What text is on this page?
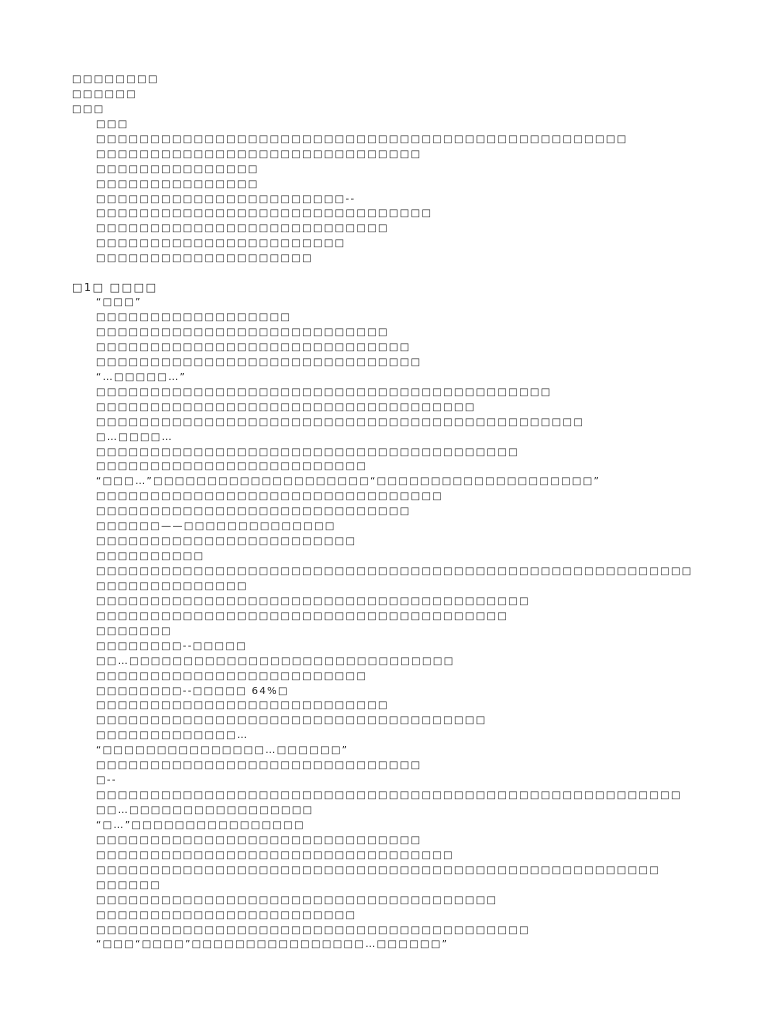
□□□□□□□□
□□□□□□
□□□
□□□
□□□□□□□□□□□□□□□□□□□□□□□□□□□□□□□□□□□□□□□□□□□□□□□□□
□□□□□□□□□□□□□□□□□□□□□□□□□□□□□□
□□□□□□□□□□□□□□□
□□□□□□□□□□□□□□□
□□□□□□□□□□□□□□□□□□□□□□□--
□□□□□□□□□□□□□□□□□□□□□□□□□□□□□□□
□□□□□□□□□□□□□□□□□□□□□□□□□□□
□□□□□□□□□□□□□□□□□□□□□□□
□□□□□□□□□□□□□□□□□□□□
□1□ □□□□
“□□□”
□□□□□□□□□□□□□□□□□□
□□□□□□□□□□□□□□□□□□□□□□□□□□□
□□□□□□□□□□□□□□□□□□□□□□□□□□□□□
□□□□□□□□□□□□□□□□□□□□□□□□□□□□□□
“…□□□□□…”
□□□□□□□□□□□□□□□□□□□□□□□□□□□□□□□□□□□□□□□□□□
□□□□□□□□□□□□□□□□□□□□□□□□□□□□□□□□□□□
□□□□□□□□□□□□□□□□□□□□□□□□□□□□□□□□□□□□□□□□□□□□□
□…□□□□…
□□□□□□□□□□□□□□□□□□□□□□□□□□□□□□□□□□□□□□□
□□□□□□□□□□□□□□□□□□□□□□□□□
“□□□…”□□□□□□□□□□□□□□□□□□□□“□□□□□□□□□□□□□□□□□□□□”
□□□□□□□□□□□□□□□□□□□□□□□□□□□□□□□□
□□□□□□□□□□□□□□□□□□□□□□□□□□□□□
□□□□□□——□□□□□□□□□□□□□□
□□□□□□□□□□□□□□□□□□□□□□□□
□□□□□□□□□□
□□□□□□□□□□□□□□□□□□□□□□□□□□□□□□□□□□□□□□□□□□□□□□□□□□□□□□□
□□□□□□□□□□□□□□
□□□□□□□□□□□□□□□□□□□□□□□□□□□□□□□□□□□□□□□□
□□□□□□□□□□□□□□□□□□□□□□□□□□□□□□□□□□□□□□
□□□□□□□
□□□□□□□□--□□□□□
□□…□□□□□□□□□□□□□□□□□□□□□□□□□□□□□□
□□□□□□□□□□□□□□□□□□□□□□□□□
□□□□□□□□--□□□□□ 64%□
□□□□□□□□□□□□□□□□□□□□□□□□□□□
□□□□□□□□□□□□□□□□□□□□□□□□□□□□□□□□□□□□
□□□□□□□□□□□□□…
“□□□□□□□□□□□□□□□…□□□□□□”
□□□□□□□□□□□□□□□□□□□□□□□□□□□□□□
□--
□□□□□□□□□□□□□□□□□□□□□□□□□□□□□□□□□□□□□□□□□□□□□□□□□□□□□□
□□…□□□□□□□□□□□□□□□□□
“□…”□□□□□□□□□□□□□□□□
□□□□□□□□□□□□□□□□□□□□□□□□□□□□□□
□□□□□□□□□□□□□□□□□□□□□□□□□□□□□□□□□
□□□□□□□□□□□□□□□□□□□□□□□□□□□□□□□□□□□□□□□□□□□□□□□□□□□□
□□□□□□
□□□□□□□□□□□□□□□□□□□□□□□□□□□□□□□□□□□□□
□□□□□□□□□□□□□□□□□□□□□□□□
□□□□□□□□□□□□□□□□□□□□□□□□□□□□□□□□□□□□□□□□
“□□□“□□□□”□□□□□□□□□□□□□□□□…□□□□□□”
